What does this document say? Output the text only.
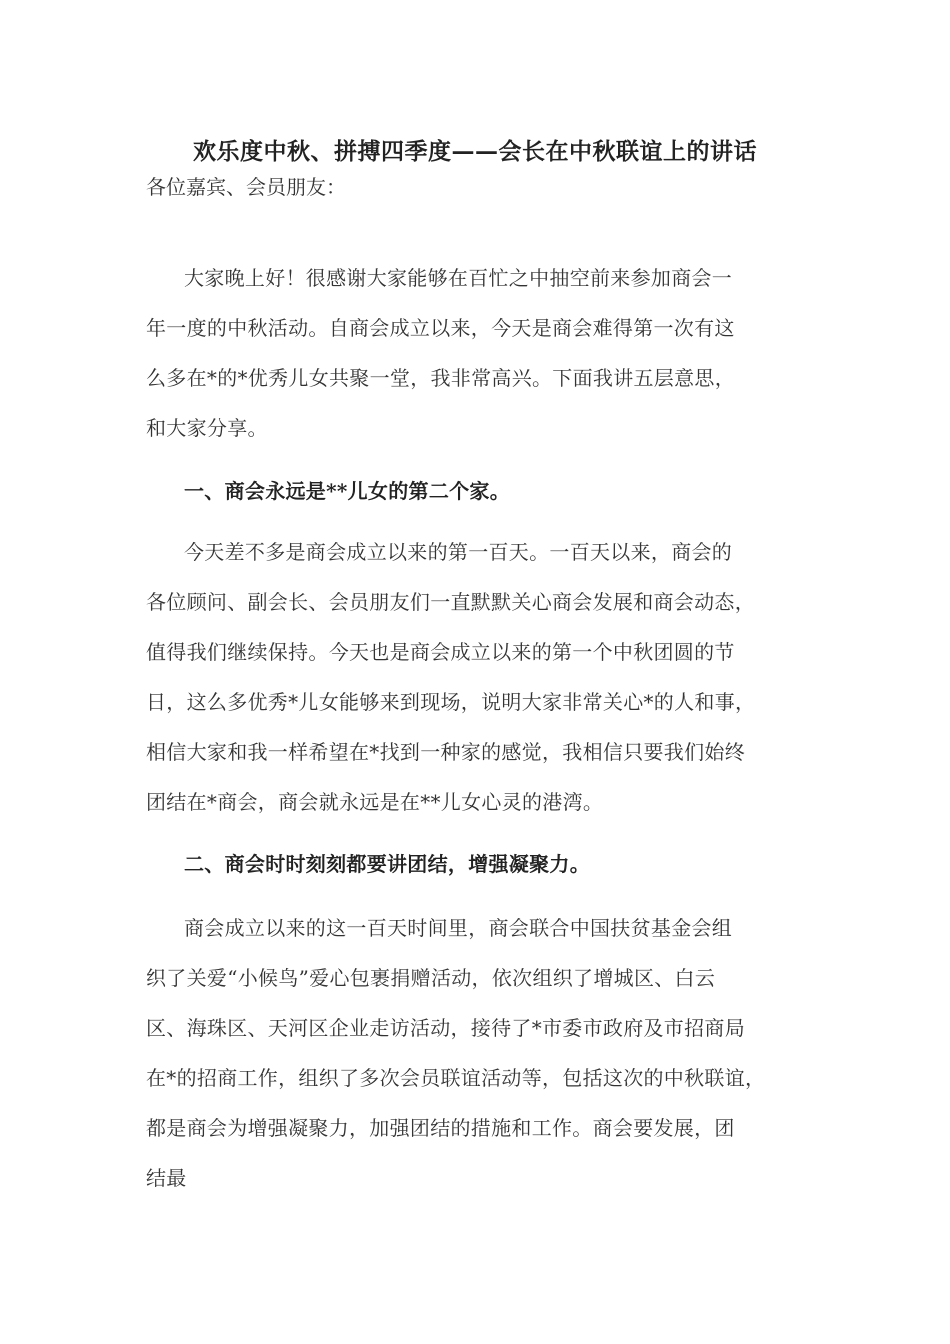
欢乐度中秋、拼搏四季度——会长在中秋联谊上的讲话
各位嘉宾、会员朋友：
大家晚上好！很感谢大家能够在百忙之中抽空前来参加商会一
年一度的中秋活动。自商会成立以来，今天是商会难得第一次有这
么多在*的*优秀儿女共聚一堂，我非常高兴。下面我讲五层意思，
和大家分享。
一、商会永远是**儿女的第二个家。
今天差不多是商会成立以来的第一百天。一百天以来，商会的
各位顾问、副会长、会员朋友们一直默默关心商会发展和商会动态，
值得我们继续保持。今天也是商会成立以来的第一个中秋团圆的节
日，这么多优秀*儿女能够来到现场，说明大家非常关心*的人和事，
相信大家和我一样希望在*找到一种家的感觉，我相信只要我们始终
团结在*商会，商会就永远是在**儿女心灵的港湾。
二、商会时时刻刻都要讲团结，增强凝聚力。
商会成立以来的这一百天时间里，商会联合中国扶贫基金会组
织了关爱“小候鸟”爱心包裹捐赠活动，依次组织了增城区、白云
区、海珠区、天河区企业走访活动，接待了*市委市政府及市招商局
在*的招商工作，组织了多次会员联谊活动等，包括这次的中秋联谊，
都是商会为增强凝聚力，加强团结的措施和工作。商会要发展，团
结最
